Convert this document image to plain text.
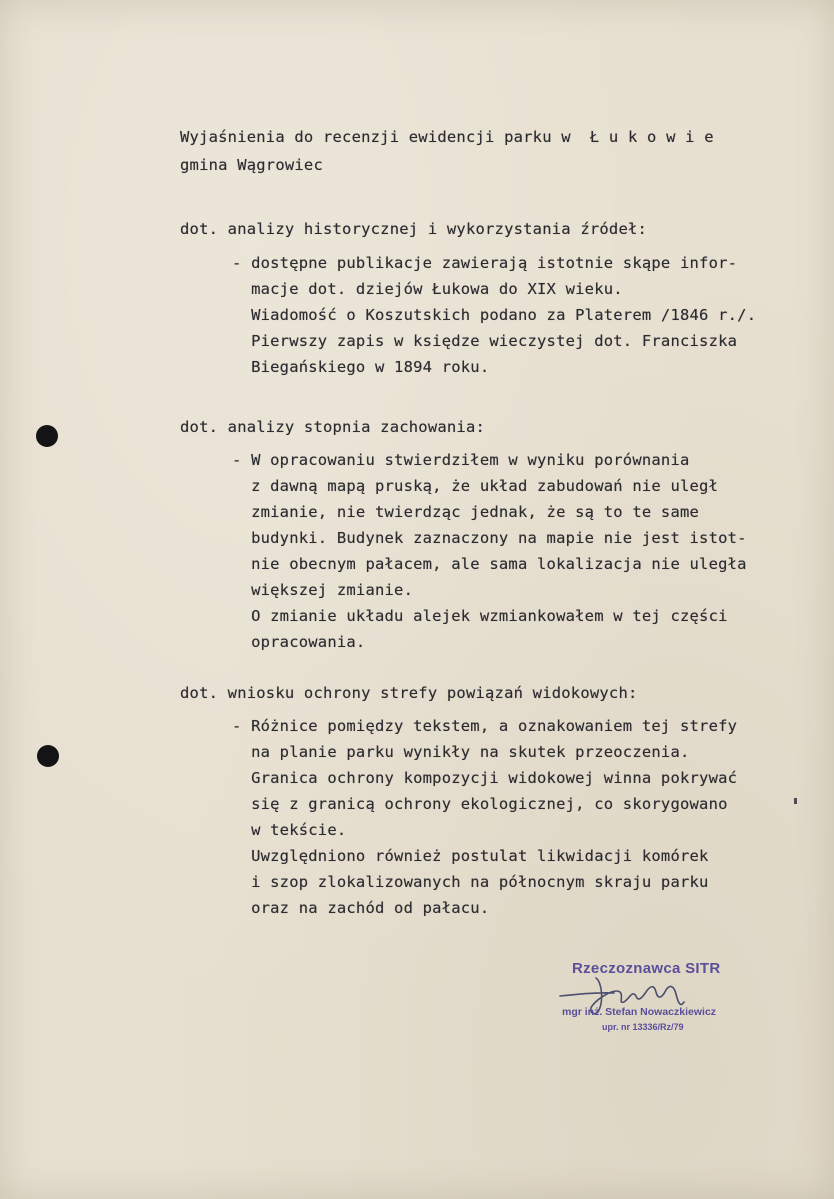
Wyjaśnienia do recenzji ewidencji parku w  Ł u k o w i e
gmina Wągrowiec
dot. analizy historycznej i wykorzystania źródeł:
- dostępne publikacje zawierają istotnie skąpe infor-
macje dot. dziejów Łukowa do XIX wieku.
Wiadomość o Koszutskich podano za Platerem /1846 r./.
Pierwszy zapis w księdze wieczystej dot. Franciszka
Biegańskiego w 1894 roku.
dot. analizy stopnia zachowania:
- W opracowaniu stwierdziłem w wyniku porównania
z dawną mapą pruską, że układ zabudowań nie uległ
zmianie, nie twierdząc jednak, że są to te same
budynki. Budynek zaznaczony na mapie nie jest istot-
nie obecnym pałacem, ale sama lokalizacja nie uległa
większej zmianie.
O zmianie układu alejek wzmiankowałem w tej części
opracowania.
dot. wniosku ochrony strefy powiązań widokowych:
- Różnice pomiędzy tekstem, a oznakowaniem tej strefy
na planie parku wynikły na skutek przeoczenia.
Granica ochrony kompozycji widokowej winna pokrywać
się z granicą ochrony ekologicznej, co skorygowano
w tekście.
Uwzględniono również postulat likwidacji komórek
i szop zlokalizowanych na północnym skraju parku
oraz na zachód od pałacu.
Rzeczoznawca SITR
mgr inż. Stefan Nowaczkiewicz
upr. nr 13336/Rz/79
